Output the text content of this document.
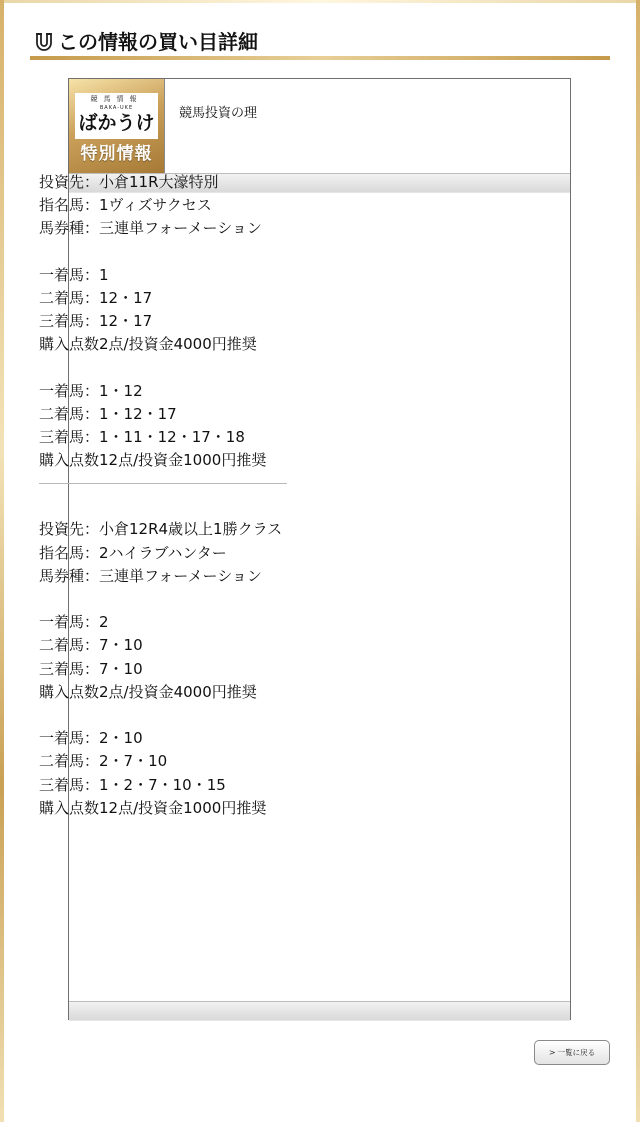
この情報の買い目詳細
競馬情報
BAKA-UKE
ばかうけ
特別情報
競馬投資の理
投資先：小倉11R大濠特別
指名馬：1ヴィズサクセス
馬券種：三連単フォーメーション
一着馬：1
二着馬：12・17
三着馬：12・17
購入点数2点/投資金4000円推奨
一着馬：1・12
二着馬：1・12・17
三着馬：1・11・12・17・18
購入点数12点/投資金1000円推奨
投資先：小倉12R4歳以上1勝クラス
指名馬：2ハイラブハンター
馬券種：三連単フォーメーション
一着馬：2
二着馬：7・10
三着馬：7・10
購入点数2点/投資金4000円推奨
一着馬：2・10
二着馬：2・7・10
三着馬：1・2・7・10・15
購入点数12点/投資金1000円推奨
> 一覧に戻る
